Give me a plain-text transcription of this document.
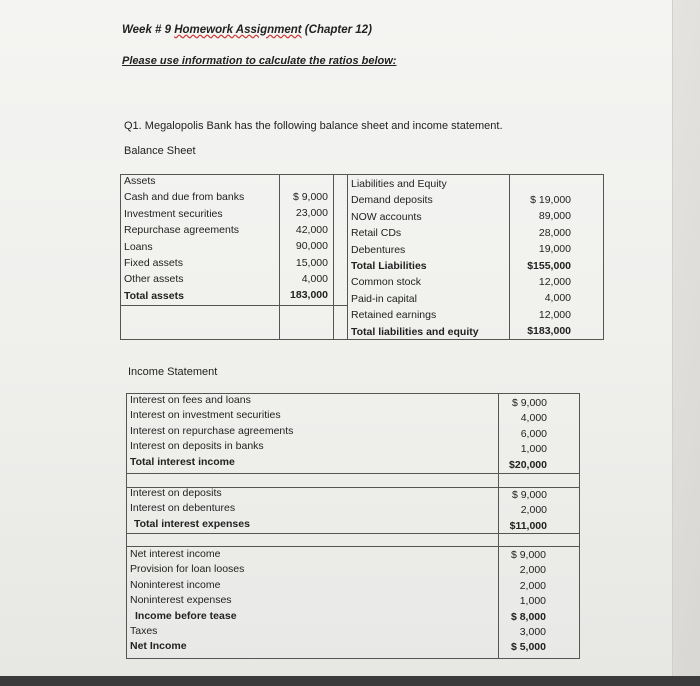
Week # 9 Homework Assignment (Chapter 12)
Please use information to calculate the ratios below:
Q1. Megalopolis Bank has the following balance sheet and income statement.
Balance Sheet
Assets
Cash and due from banks
Investment securities
Repurchase agreements
Loans
Fixed assets
Other assets
Total assets
$ 9,000
23,000
42,000
90,000
15,000
4,000
183,000
Liabilities and Equity
Demand deposits
NOW accounts
Retail CDs
Debentures
Total Liabilities
Common stock
Paid-in capital
Retained earnings
Total liabilities and equity
$ 19,000
89,000
28,000
19,000
$155,000
12,000
4,000
12,000
$183,000
Income Statement
Interest on fees and loans
Interest on investment securities
Interest on repurchase agreements
Interest on deposits in banks
Total interest income
$ 9,000
4,000
6,000
1,000
$20,000
Interest on deposits
Interest on debentures
Total interest expenses
$ 9,000
2,000
$11,000
Net interest income
Provision for loan looses
Noninterest income
Noninterest expenses
Income before tease
Taxes
Net Income
$ 9,000
2,000
2,000
1,000
$ 8,000
3,000
$ 5,000
